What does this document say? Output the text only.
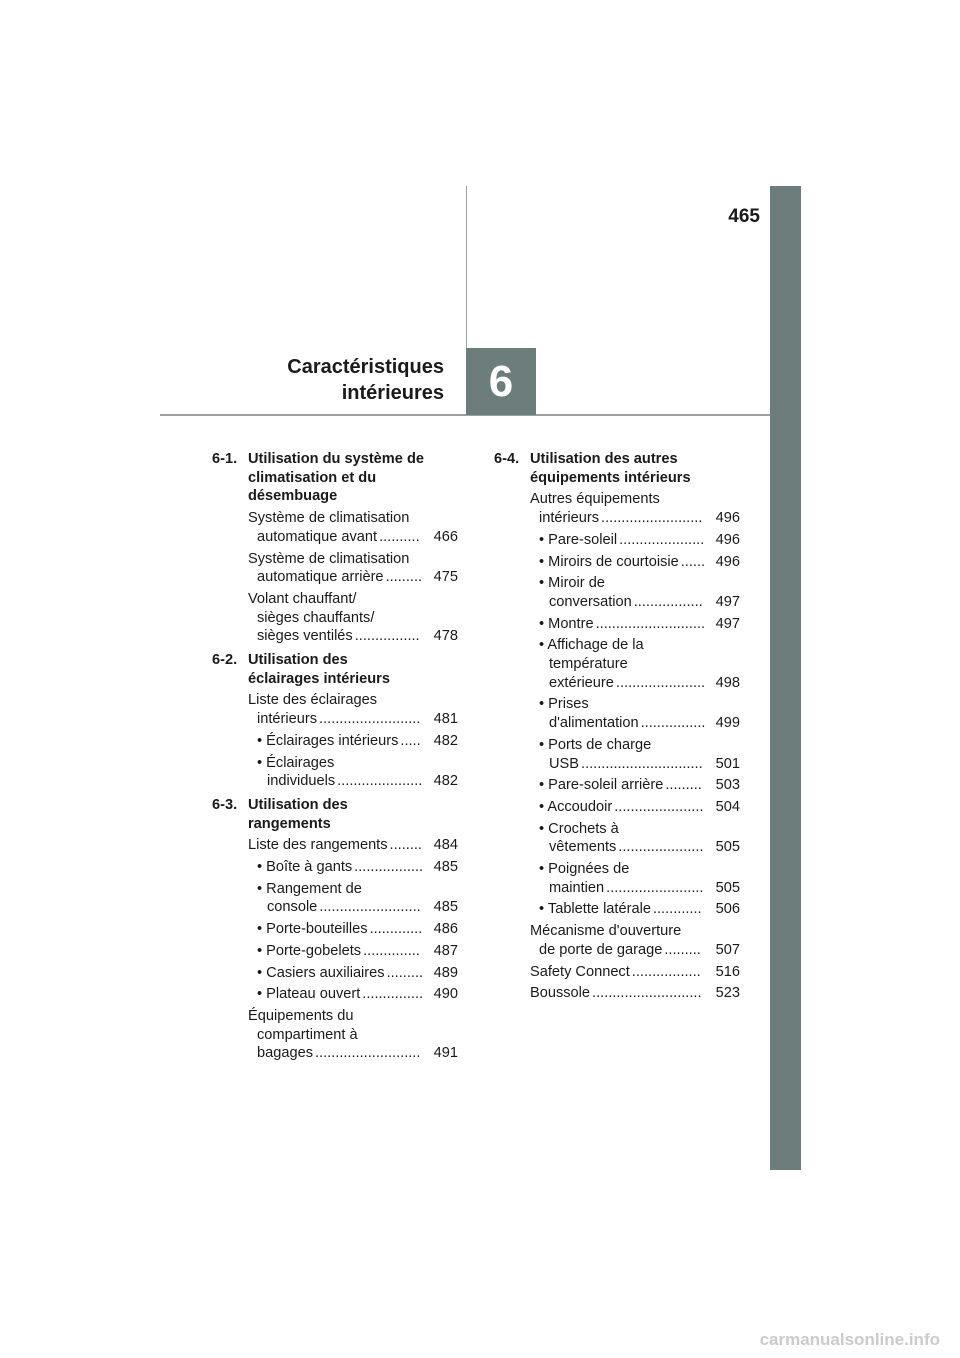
465
Caractéristiques
intérieures 6
6-1. Utilisation du système de
climatisation et du
désembuage
Système de climatisation
automatique avant .......... 466
Système de climatisation
automatique arrière ......... 475
Volant chauffant/
sièges chauffants/
sièges ventilés ................ 478
6-2. Utilisation des
éclairages intérieurs
Liste des éclairages
intérieurs ......................... 481
• Éclairages intérieurs ..... 482
• Éclairages
individuels ..................... 482
6-3. Utilisation des
rangements
Liste des rangements ........ 484
• Boîte à gants ................. 485
• Rangement de
console ......................... 485
• Porte-bouteilles ............. 486
• Porte-gobelets .............. 487
• Casiers auxiliaires ......... 489
• Plateau ouvert ............... 490
Équipements du
compartiment à
bagages .......................... 491
6-4. Utilisation des autres
équipements intérieurs
Autres équipements
intérieurs ......................... 496
• Pare-soleil ..................... 496
• Miroirs de courtoisie ...... 496
• Miroir de
conversation ................. 497
• Montre ........................... 497
• Affichage de la
température
extérieure ...................... 498
• Prises
d'alimentation ................ 499
• Ports de charge
USB .............................. 501
• Pare-soleil arrière ......... 503
• Accoudoir ...................... 504
• Crochets à
vêtements ..................... 505
• Poignées de
maintien ........................ 505
• Tablette latérale ............ 506
Mécanisme d'ouverture
de porte de garage .........	507
Safety Connect .................	516
Boussole ........................... 523
carmanualsonline.info
